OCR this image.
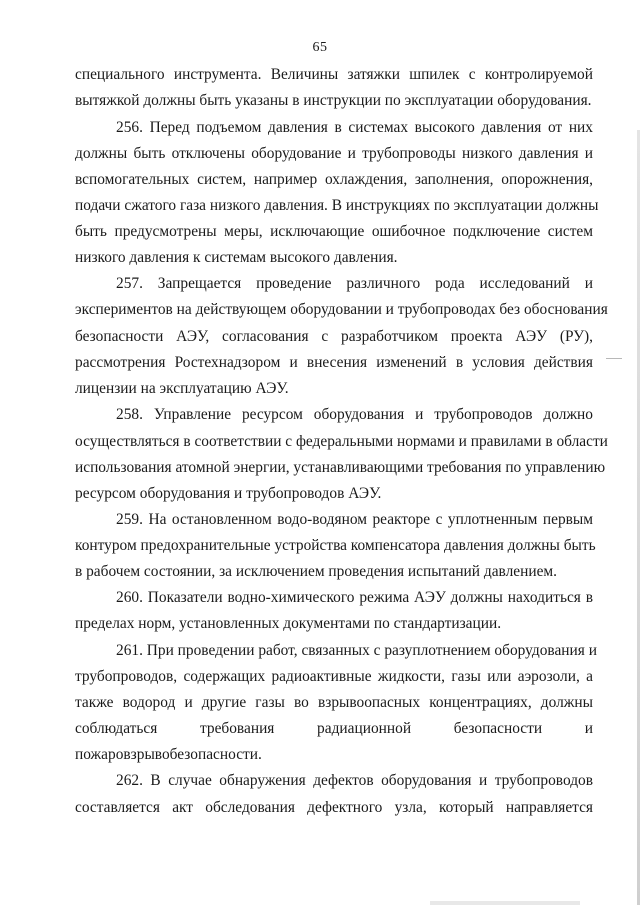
65
специального инструмента. Величины затяжки шпилек с контролируемой
вытяжкой должны быть указаны в инструкции по эксплуатации оборудования.
256. Перед подъемом давления в системах высокого давления от них
должны быть отключены оборудование и трубопроводы низкого давления и
вспомогательных систем, например охлаждения, заполнения, опорожнения,
подачи сжатого газа низкого давления. В инструкциях по эксплуатации должны
быть предусмотрены меры, исключающие ошибочное подключение систем
низкого давления к системам высокого давления.
257. Запрещается проведение различного рода исследований и
экспериментов на действующем оборудовании и трубопроводах без обоснования
безопасности АЭУ, согласования с разработчиком проекта АЭУ (РУ),
рассмотрения Ростехнадзором и внесения изменений в условия действия
лицензии на эксплуатацию АЭУ.
258. Управление ресурсом оборудования и трубопроводов должно
осуществляться в соответствии с федеральными нормами и правилами в области
использования атомной энергии, устанавливающими требования по управлению
ресурсом оборудования и трубопроводов АЭУ.
259. На остановленном водо-водяном реакторе с уплотненным первым
контуром предохранительные устройства компенсатора давления должны быть
в рабочем состоянии, за исключением проведения испытаний давлением.
260. Показатели водно-химического режима АЭУ должны находиться в
пределах норм, установленных документами по стандартизации.
261. При проведении работ, связанных с разуплотнением оборудования и
трубопроводов, содержащих радиоактивные жидкости, газы или аэрозоли, а
также водород и другие газы во взрывоопасных концентрациях, должны
соблюдаться требования радиационной безопасности и
пожаровзрывобезопасности.
262. В случае обнаружения дефектов оборудования и трубопроводов
составляется акт обследования дефектного узла, который направляется
